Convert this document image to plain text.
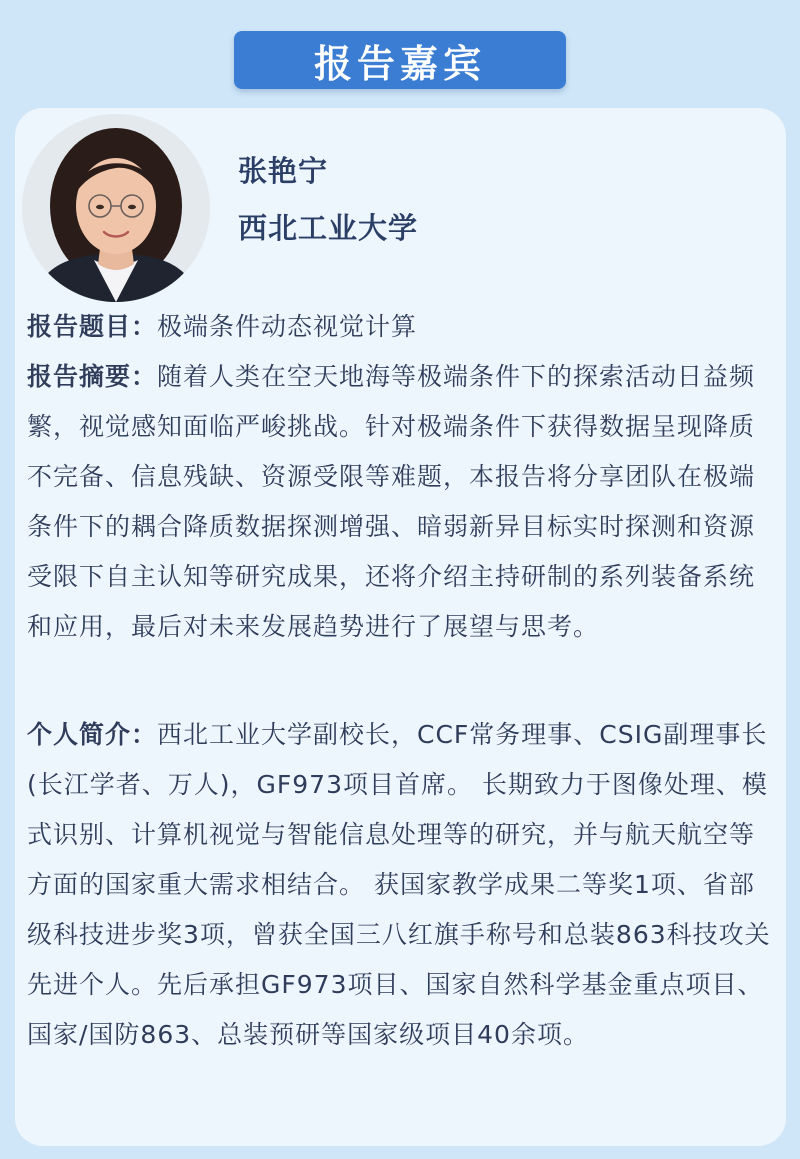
报告嘉宾
张艳宁
西北工业大学
报告题目：极端条件动态视觉计算
报告摘要：随着人类在空天地海等极端条件下的探索活动日益频繁，视觉感知面临严峻挑战。针对极端条件下获得数据呈现降质不完备、信息残缺、资源受限等难题，本报告将分享团队在极端条件下的耦合降质数据探测增强、暗弱新异目标实时探测和资源受限下自主认知等研究成果，还将介绍主持研制的系列装备系统和应用，最后对未来发展趋势进行了展望与思考。
个人简介：西北工业大学副校长，CCF常务理事、CSIG副理事长(长江学者、万人)，GF973项目首席。 长期致力于图像处理、模式识别、计算机视觉与智能信息处理等的研究，并与航天航空等方面的国家重大需求相结合。 获国家教学成果二等奖1项、省部级科技进步奖3项，曾获全国三八红旗手称号和总装863科技攻关先进个人。先后承担GF973项目、国家自然科学基金重点项目、国家/国防863、总装预研等国家级项目40余项。
